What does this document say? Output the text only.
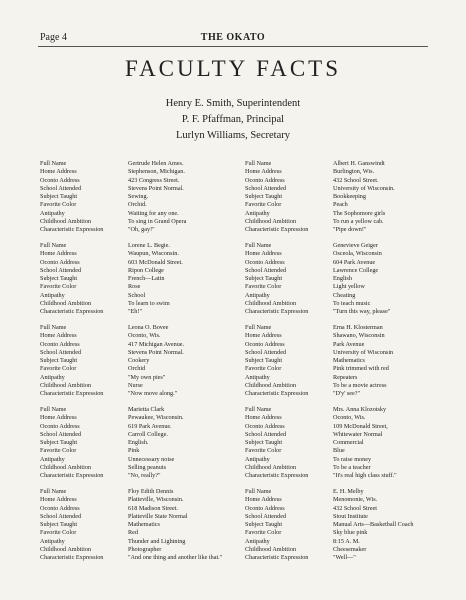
Page 4	THE OKATO
FACULTY FACTS
Henry E. Smith, Superintendent
P. F. Pfaffman, Principal
Lurlyn Williams, Secretary
Full Name
Home Address
Oconto Address
School Attended
Subject Taught
Favorite Color
Antipathy
Childhood Ambition
Characteristic Expression
Gertrude Helen Ames.
Stephenson, Michigan.
423 Congress Street.
Stevens Point Normal.
Sewing.
Orchid.
Waiting for any one.
To sing in Grand Opera
"Oh, gay!"
Full Name
Home Address
Oconto Address
School Attended
Subject Taught
Favorite Color
Antipathy
Childhood Ambition
Characteristic Expression
Albert H. Ganswindt
Burlington, Wis.
432 School Street.
University of Wisconsin.
Bookkeeping
Peach
The Sophomore girls
To run a yellow cab.
"Pipe down!"
Full Name
Home Address
Oconto Address
School Attended
Subject Taught
Favorite Color
Antipathy
Childhood Ambition
Characteristic Expression
Lorene L. Begie.
Waupun, Wisconsin.
603 McDonald Street.
Ripon College
French—Latin
Rose
School
To learn to swim
"Eh!"
Full Name
Home Address
Oconto Address
School Attended
Subject Taught
Favorite Color
Antipathy
Childhood Ambition
Characteristic Expression
Genevieve Geiger
Osceola, Wisconsin
604 Park Avenue
Lawrence College
English
Light yellow
Cheating
To teach music
"Turn this way, please"
Full Name
Home Address
Oconto Address
School Attended
Subject Taught
Favorite Color
Antipathy
Childhood Ambition
Characteristic Expression
Leona O. Bovee
Oconto, Wis.
417 Michigan Avenue.
Stevens Point Normal.
Cookery
Orchid
"My own pies"
Nurse
"Now move along."
Full Name
Home Address
Oconto Address
School Attended
Subject Taught
Favorite Color
Antipathy
Childhood Ambition
Characteristic Expression
Erna H. Klosterman
Shawano, Wisconsin
Park Avenue
University of Wisconsin
Mathematics
Pink trimmed with red
Repeaters
To be a movie actress
"D'y' see?"
Full Name
Home Address
Oconto Address
School Attended
Subject Taught
Favorite Color
Antipathy
Childhood Ambition
Characteristic Expression
Marietta Clark
Pewaukee, Wisconsin.
619 Park Avenue.
Carroll College.
English.
Pink
Unnecessary noise
Selling peanuts
"No, really?"
Full Name
Home Address
Oconto Address
School Attended
Subject Taught
Favorite Color
Antipathy
Childhood Ambition
Characteristic Expression
Mrs. Anna Klozotsky
Oconto, Wis.
109 McDonald Street,
Whitewater Normal
Commercial
Blue
To raise money
To be a teacher
"It's real high class stuff."
Full Name
Home Address
Oconto Address
School Attended
Subject Taught
Favorite Color
Antipathy
Childhood Ambition
Characteristic Expression
Floy Edith Dennis
Platteville, Wisconsin.
618 Madison Street.
Platteville State Normal
Mathematics
Red
Thunder and Lightning
Photographer
"And one thing and another like that."
Full Name
Home Address
Oconto Address
School Attended
Subject Taught
Favorite Color
Antipathy
Childhood Ambition
Characteristic Expression
E. H. Melby
Menomonie, Wis.
432 School Street
Stout Institute
Manual Arts—Basketball Coach
Sky blue pink
8:15 A. M.
Cheesemaker
"Well—"
